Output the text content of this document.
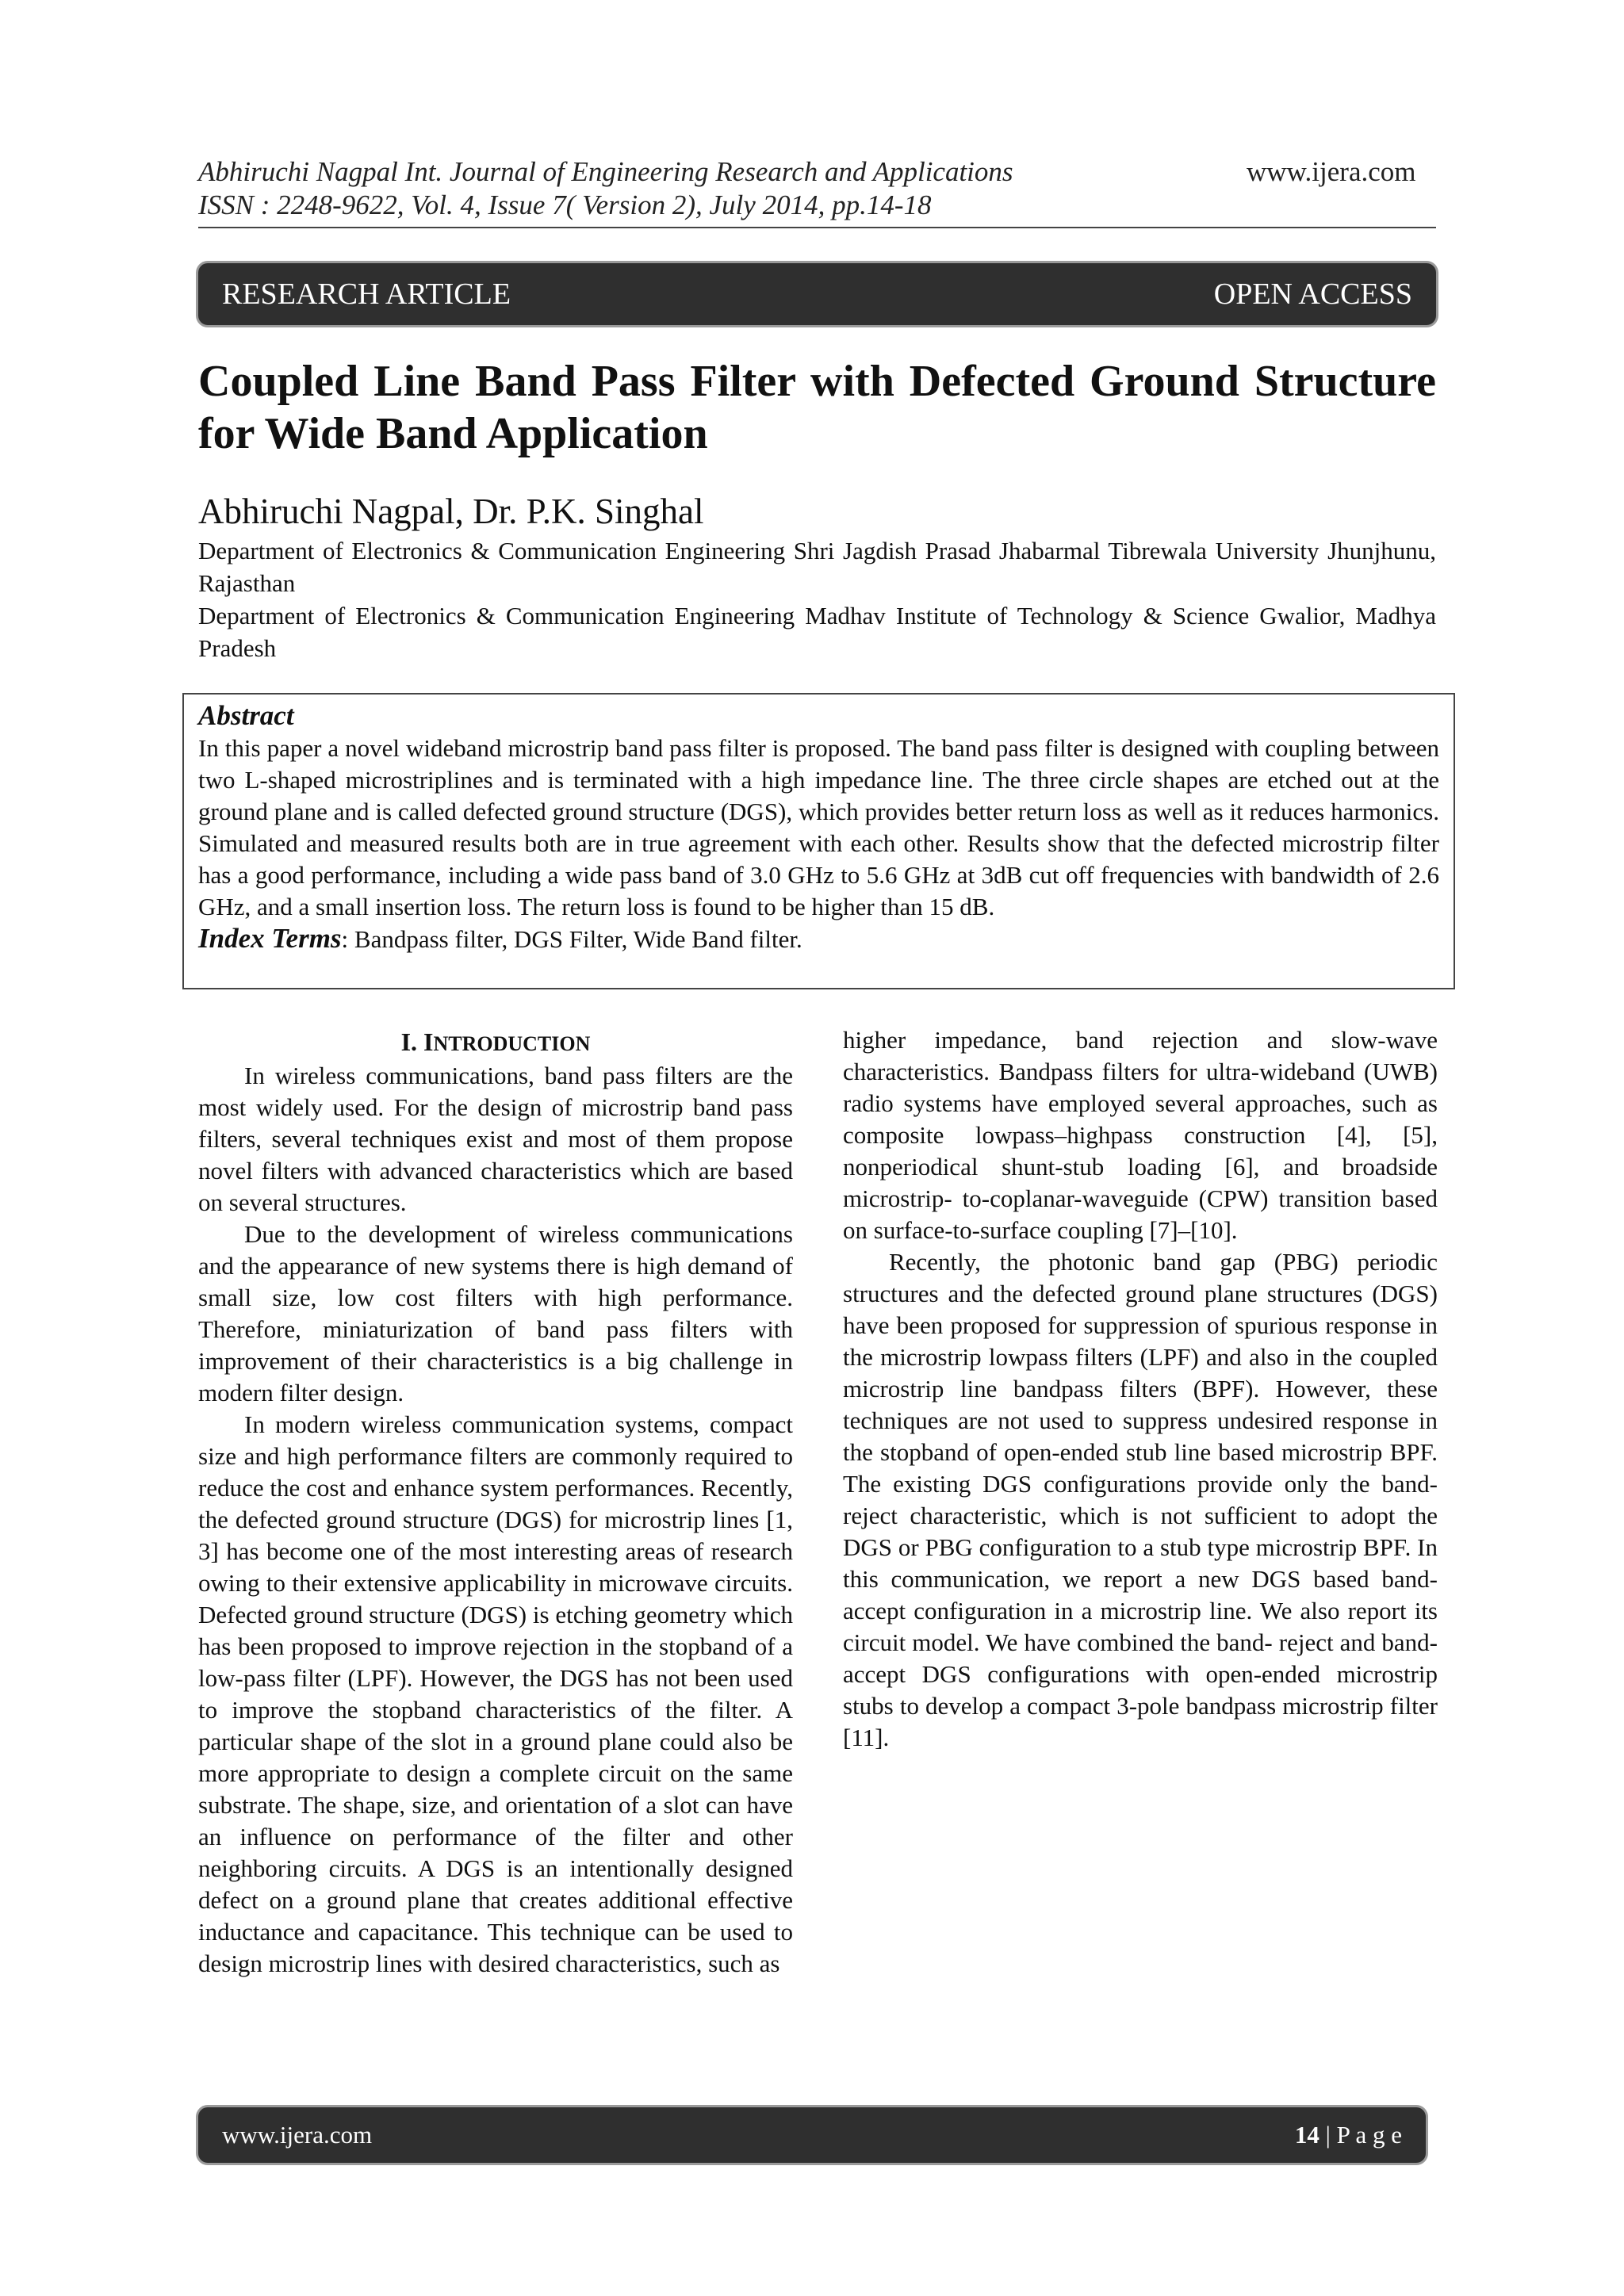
Abhiruchi Nagpal Int. Journal of Engineering Research and Applications
ISSN : 2248-9622, Vol. 4, Issue 7( Version 2), July 2014, pp.14-18
www.ijera.com
RESEARCH ARTICLE	OPEN ACCESS
Coupled Line Band Pass Filter with Defected Ground Structure for Wide Band Application
Abhiruchi Nagpal, Dr. P.K. Singhal
Department of Electronics & Communication Engineering Shri Jagdish Prasad Jhabarmal Tibrewala University Jhunjhunu, Rajasthan
Department of Electronics & Communication Engineering Madhav Institute of Technology & Science Gwalior, Madhya Pradesh
Abstract
In this paper a novel wideband microstrip band pass filter is proposed. The band pass filter is designed with coupling between two L-shaped microstriplines and is terminated with a high impedance line. The three circle shapes are etched out at the ground plane and is called defected ground structure (DGS), which provides better return loss as well as it reduces harmonics. Simulated and measured results both are in true agreement with each other. Results show that the defected microstrip filter has a good performance, including a wide pass band of 3.0 GHz to 5.6 GHz at 3dB cut off frequencies with bandwidth of 2.6 GHz, and a small insertion loss. The return loss is found to be higher than 15 dB.
Index Terms: Bandpass filter, DGS Filter, Wide Band filter.
I. INTRODUCTION

In wireless communications, band pass filters are the most widely used. For the design of microstrip band pass filters, several techniques exist and most of them propose novel filters with advanced characteristics which are based on several structures.

Due to the development of wireless communications and the appearance of new systems there is high demand of small size, low cost filters with high performance. Therefore, miniaturization of band pass filters with improvement of their characteristics is a big challenge in modern filter design.

In modern wireless communication systems, compact size and high performance filters are commonly required to reduce the cost and enhance system performances. Recently, the defected ground structure (DGS) for microstrip lines [1, 3] has become one of the most interesting areas of research owing to their extensive applicability in microwave circuits. Defected ground structure (DGS) is etching geometry which has been proposed to improve rejection in the stopband of a low-pass filter (LPF). However, the DGS has not been used to improve the stopband characteristics of the filter. A particular shape of the slot in a ground plane could also be more appropriate to design a complete circuit on the same substrate. The shape, size, and orientation of a slot can have an influence on performance of the filter and other neighboring circuits. A DGS is an intentionally designed defect on a ground plane that creates additional effective inductance and capacitance. This technique can be used to design microstrip lines with desired characteristics, such as

higher impedance, band rejection and slow-wave characteristics. Bandpass filters for ultra-wideband (UWB) radio systems have employed several approaches, such as composite lowpass–highpass construction [4], [5], nonperiodical shunt-stub loading [6], and broadside microstrip- to-coplanar-waveguide (CPW) transition based on surface-to-surface coupling [7]–[10].

Recently, the photonic band gap (PBG) periodic structures and the defected ground plane structures (DGS) have been proposed for suppression of spurious response in the microstrip lowpass filters (LPF) and also in the coupled microstrip line bandpass filters (BPF). However, these techniques are not used to suppress undesired response in the stopband of open-ended stub line based microstrip BPF. The existing DGS configurations provide only the band-reject characteristic, which is not sufficient to adopt the DGS or PBG configuration to a stub type microstrip BPF. In this communication, we report a new DGS based band- accept configuration in a microstrip line. We also report its circuit model. We have combined the band- reject and band-accept DGS configurations with open-ended microstrip stubs to develop a compact 3-pole bandpass microstrip filter [11].

www.ijera.com	14 | P a g e
